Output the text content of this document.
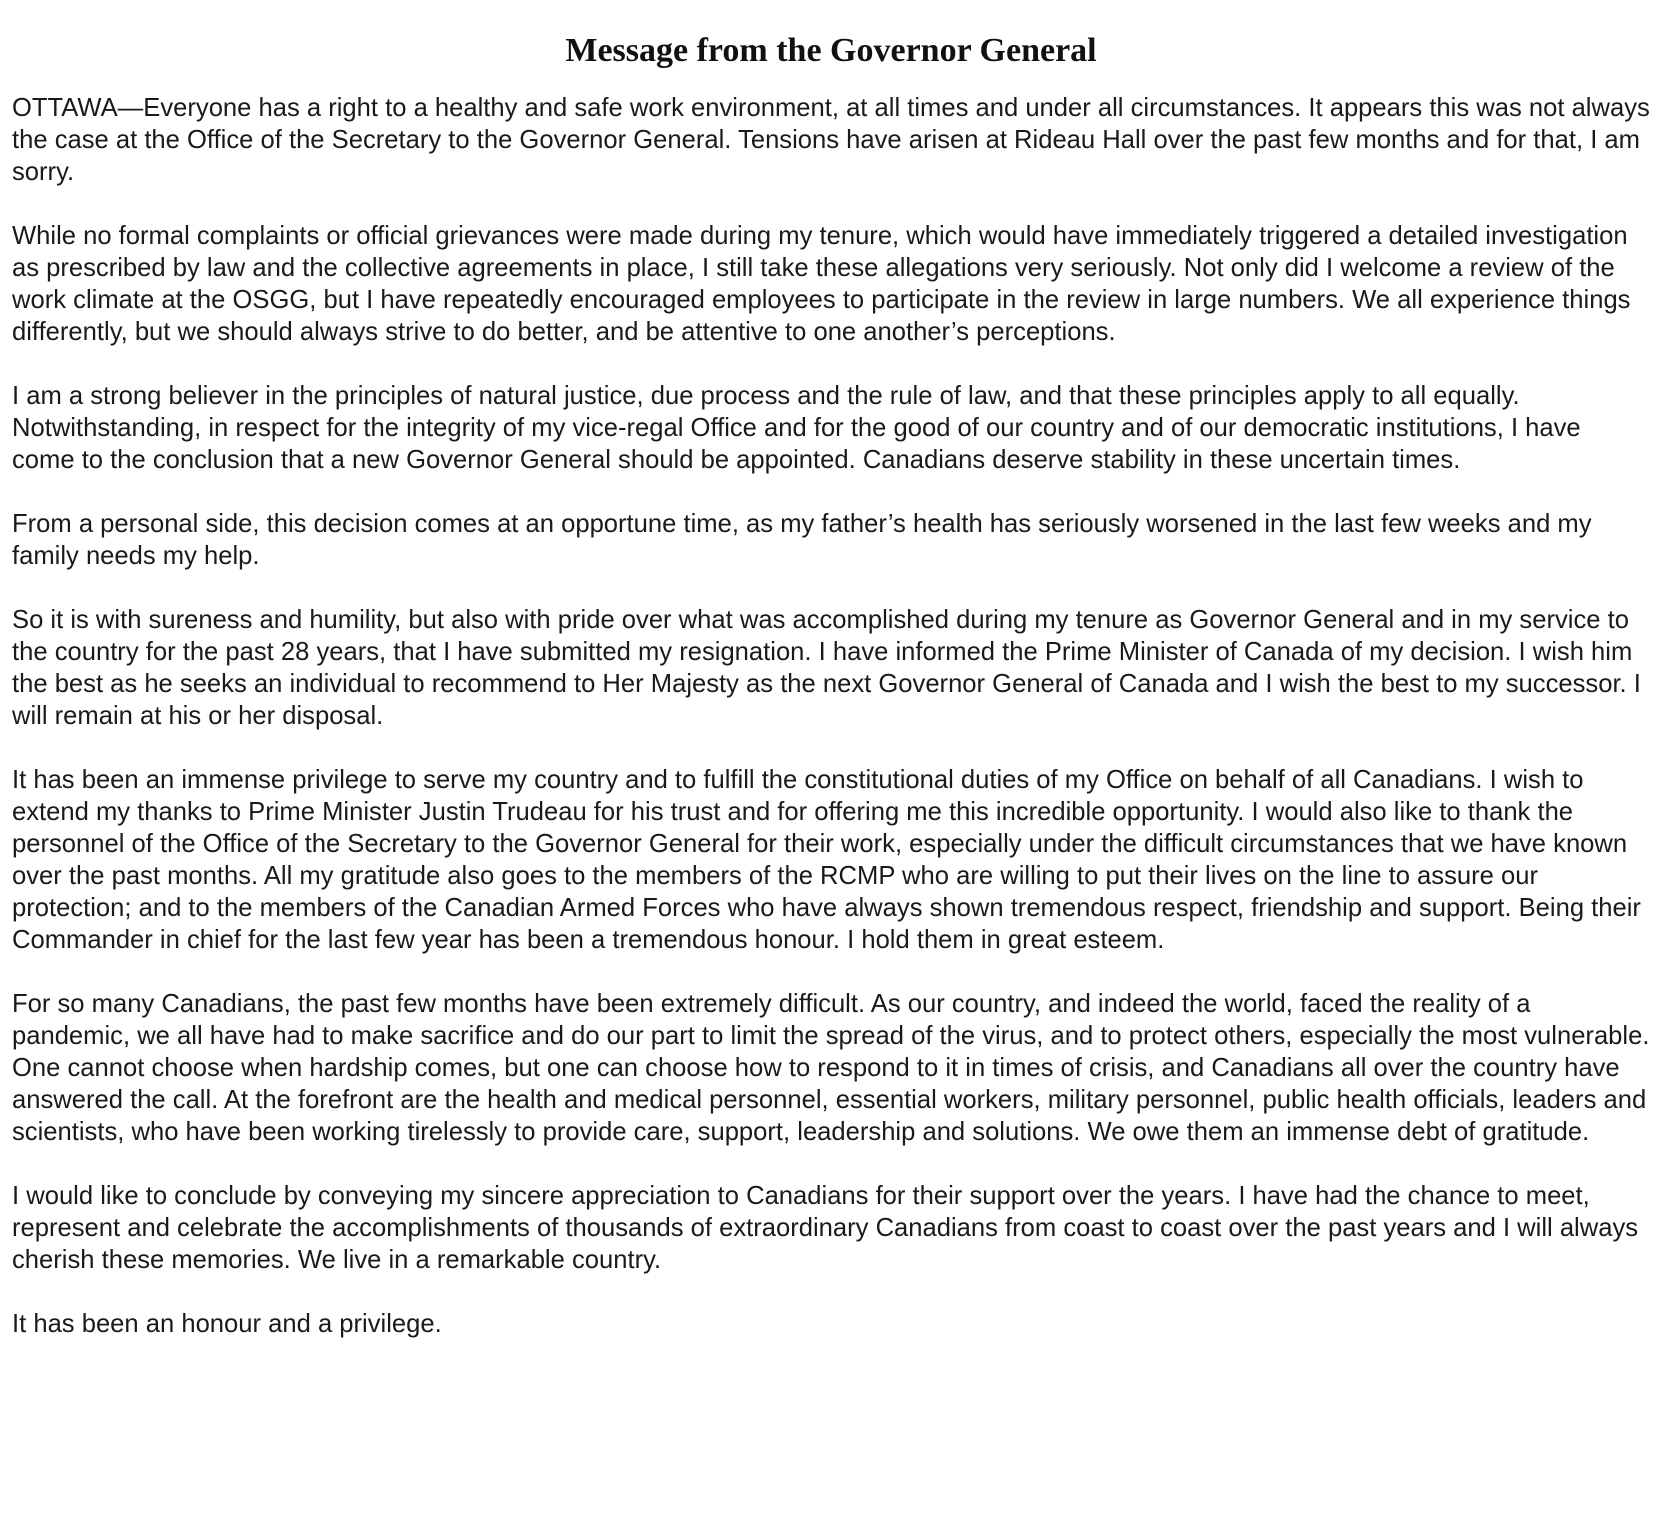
Message from the Governor General

OTTAWA—Everyone has a right to a healthy and safe work environment, at all times and under all circumstances. It appears this was not always the case at the Office of the Secretary to the Governor General. Tensions have arisen at Rideau Hall over the past few months and for that, I am sorry.

While no formal complaints or official grievances were made during my tenure, which would have immediately triggered a detailed investigation as prescribed by law and the collective agreements in place, I still take these allegations very seriously. Not only did I welcome a review of the work climate at the OSGG, but I have repeatedly encouraged employees to participate in the review in large numbers. We all experience things differently, but we should always strive to do better, and be attentive to one another’s perceptions.

I am a strong believer in the principles of natural justice, due process and the rule of law, and that these principles apply to all equally. Notwithstanding, in respect for the integrity of my vice-regal Office and for the good of our country and of our democratic institutions, I have come to the conclusion that a new Governor General should be appointed. Canadians deserve stability in these uncertain times.

From a personal side, this decision comes at an opportune time, as my father’s health has seriously worsened in the last few weeks and my family needs my help.

So it is with sureness and humility, but also with pride over what was accomplished during my tenure as Governor General and in my service to the country for the past 28 years, that I have submitted my resignation. I have informed the Prime Minister of Canada of my decision. I wish him the best as he seeks an individual to recommend to Her Majesty as the next Governor General of Canada and I wish the best to my successor. I will remain at his or her disposal.

It has been an immense privilege to serve my country and to fulfill the constitutional duties of my Office on behalf of all Canadians. I wish to extend my thanks to Prime Minister Justin Trudeau for his trust and for offering me this incredible opportunity. I would also like to thank the personnel of the Office of the Secretary to the Governor General for their work, especially under the difficult circumstances that we have known over the past months. All my gratitude also goes to the members of the RCMP who are willing to put their lives on the line to assure our protection; and to the members of the Canadian Armed Forces who have always shown tremendous respect, friendship and support. Being their Commander in chief for the last few year has been a tremendous honour. I hold them in great esteem.

For so many Canadians, the past few months have been extremely difficult. As our country, and indeed the world, faced the reality of a pandemic, we all have had to make sacrifice and do our part to limit the spread of the virus, and to protect others, especially the most vulnerable. One cannot choose when hardship comes, but one can choose how to respond to it in times of crisis, and Canadians all over the country have answered the call. At the forefront are the health and medical personnel, essential workers, military personnel, public health officials, leaders and scientists, who have been working tirelessly to provide care, support, leadership and solutions. We owe them an immense debt of gratitude.

I would like to conclude by conveying my sincere appreciation to Canadians for their support over the years. I have had the chance to meet, represent and celebrate the accomplishments of thousands of extraordinary Canadians from coast to coast over the past years and I will always cherish these memories. We live in a remarkable country.

It has been an honour and a privilege.
